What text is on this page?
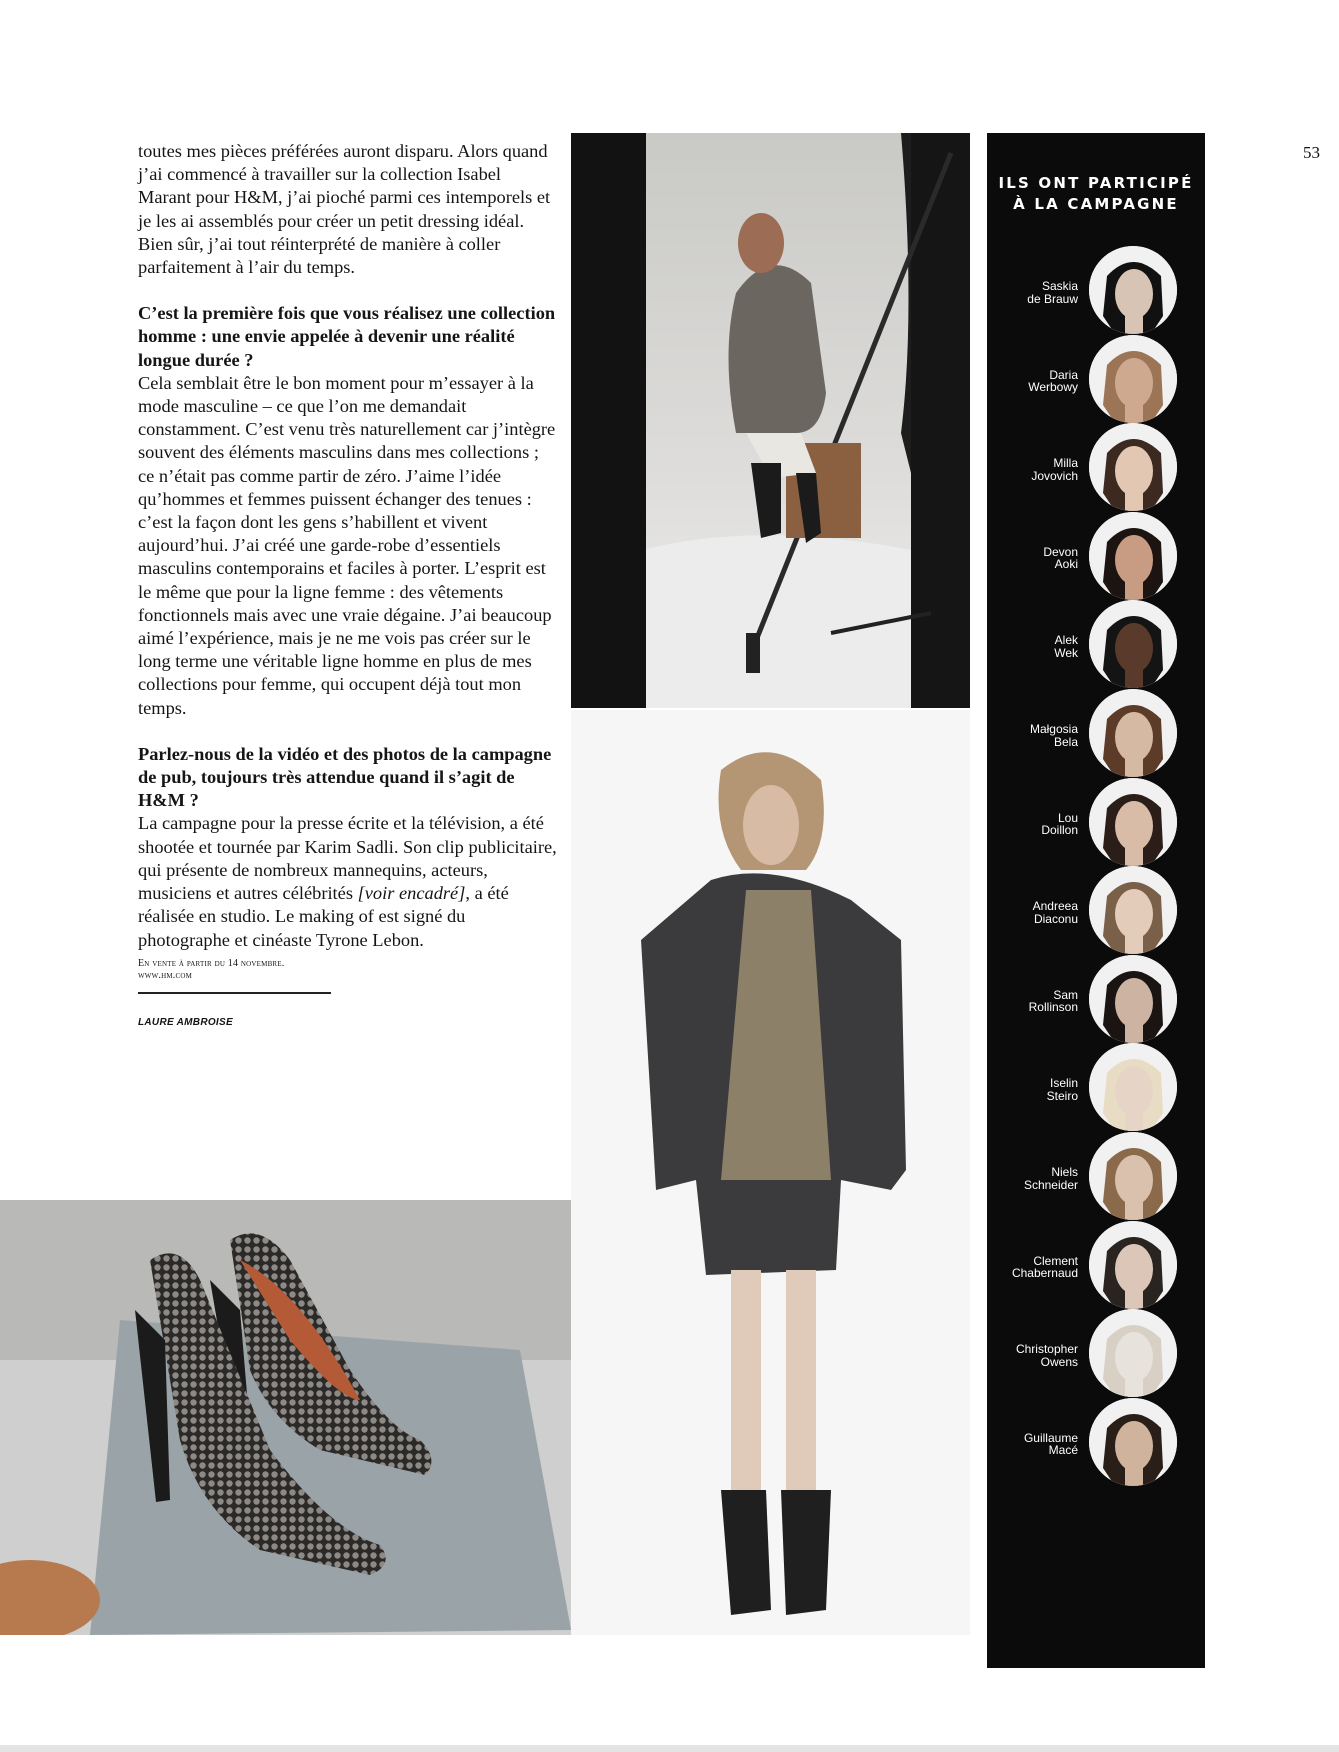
53

toutes mes pièces préférées auront disparu. Alors quand j’ai commencé à travailler sur la collection Isabel Marant pour H&M, j’ai pioché parmi ces intemporels et je les ai assemblés pour créer un petit dressing idéal. Bien sûr, j’ai tout réinterprété de manière à coller parfaitement à l’air du temps.

C’est la première fois que vous réalisez une collection homme : une envie appelée à devenir une réalité longue durée ?

Cela semblait être le bon moment pour m’essayer à la mode masculine – ce que l’on me demandait constamment. C’est venu très naturellement car j’intègre souvent des éléments masculins dans mes collections ; ce n’était pas comme partir de zéro. J’aime l’idée qu’hommes et femmes puissent échanger des tenues : c’est la façon dont les gens s’habillent et vivent aujourd’hui. J’ai créé une garde-robe d’essentiels masculins contemporains et faciles à porter. L’esprit est le même que pour la ligne femme : des vêtements fonctionnels mais avec une vraie dégaine. J’ai beaucoup aimé l’expérience, mais je ne me vois pas créer sur le long terme une véritable ligne homme en plus de mes collections pour femme, qui occupent déjà tout mon temps.

Parlez-nous de la vidéo et des photos de la campagne de pub, toujours très attendue quand il s’agit de H&M ?

La campagne pour la presse écrite et la télévision, a été shootée et tournée par Karim Sadli. Son clip publicitaire, qui présente de nombreux mannequins, acteurs, musiciens et autres célébrités [voir encadré], a été réalisée en studio. Le making of est signé du photographe et cinéaste Tyrone Lebon.

En vente à partir du 14 novembre.
www.hm.com
LAURE AMBROISE
ILS ONT PARTICIPÉ
À LA CAMPAGNE
Saskia
de Brauw
Daria
Werbowy
Milla
Jovovich
Devon
Aoki
Alek
Wek
Małgosia
Bela
Lou
Doillon
Andreea
Diaconu
Sam
Rollinson
Iselin
Steiro
Niels
Schneider
Clement
Chabernaud
Christopher
Owens
Guillaume
Macé
